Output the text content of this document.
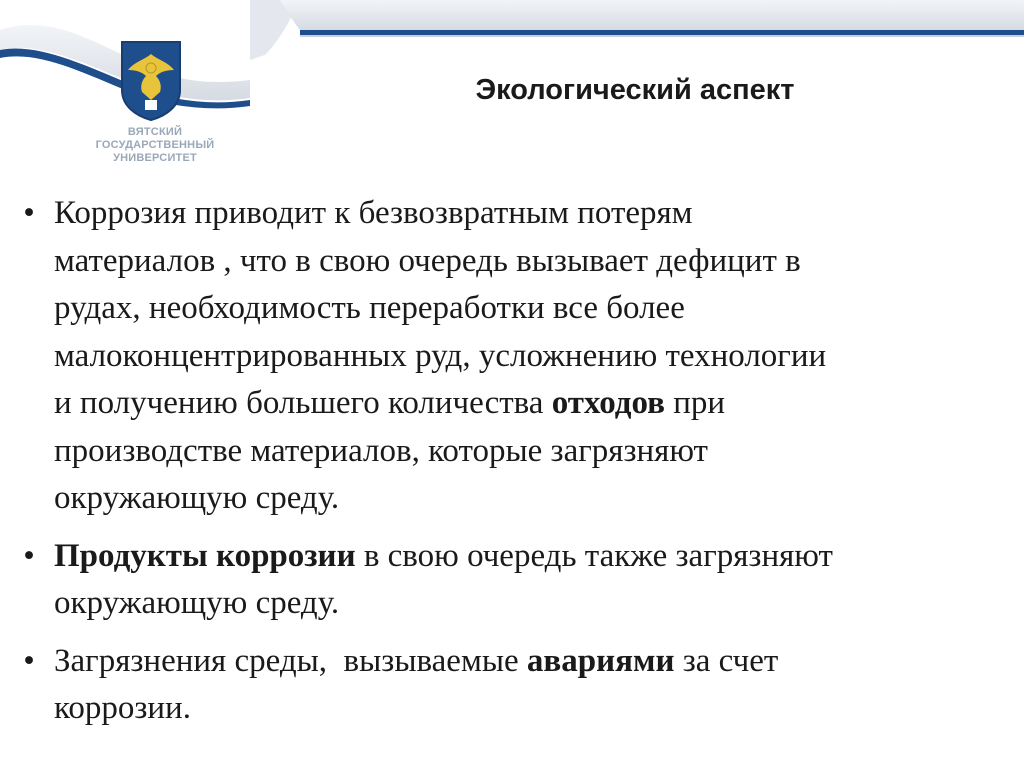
ВЯТСКИЙ
ГОСУДАРСТВЕННЫЙ
УНИВЕРСИТЕТ
Экологический аспект
• Коррозия приводит к безвозвратным потерям
материалов , что в свою очередь вызывает дефицит в
рудах, необходимость переработки все более
малоконцентрированных руд, усложнению технологии
и получению большего количества отходов при
производстве материалов, которые загрязняют
окружающую среду.
• Продукты коррозии в свою очередь также загрязняют
окружающую среду.
• Загрязнения среды,  вызываемые авариями за счет
коррозии.
